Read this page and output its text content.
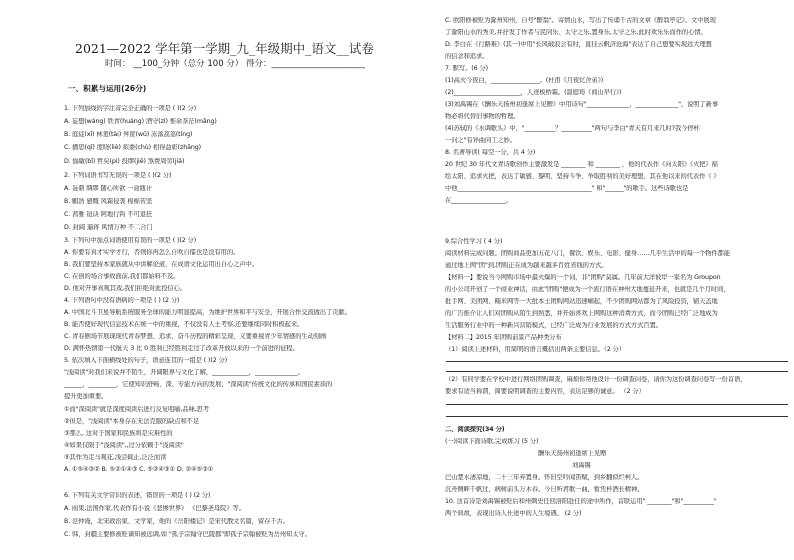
2021—2022 学年第一学期_九_年级期中_语文__试卷
时间： __100_分钟（总分 100 分） 得分：______________________
一、积累与运用(26分)
1. 下列加线的字注音完全正确的一项是 ( )(2 分)
A. 妄想(wáng) 铁青(huáng) 酒守(zì) 惟余茶茫(mǎng)
B. 庭徒(xǐ) 林羞(tài) 舛筐(wǔ) 冻落荔荔(tíng)
C. 播思(qǐ) 度晓(liè) 拟娄(chù) 相得益彰(zhāng)
D. 愉敏(bǐ) 哲矣(pì) 投缪(jiě) 煞费周劳(jiā)
2. 下列词语书写无误的一项是 ( )(2 分)
A. 袅鼎 绸缪 随心所欲 一盒瓶计
B. 麒浩 感慨 风霜侵袭 棉棉苦坚
C. 茜雅 钮诀 阿地行钩 不可退狂
D. 封阔 逼蒋 风情万种 不二合门
3. 下列句中加点词语使用有误的一项是 ( )(2 分)
A. 你要有真才实学才行，否则你再怎么自吹自擂也是没有用的。
B. 我们要坚持本家族就从中讲解论道，在成语文化运用出自心之声中。
C. 在创的场合事故面前,我们都始料不及。
D. 他对开事真观其戏,我们拒绝对此投信心。
4. 下列语句中没有语病的一项是 ( ) (2 分)
A. 中国北斗卫星导航系统服务全球的能力明显提高，为维护世界和平与安全，开展合作交流做出了贡献。
B. 能否使好现代信息技术在统一中的重视，不仅没有人士考察,还要继续同时积极起来。
C. 青春剧场节展现现代青春梦想、追求、奋斗历程的精彩呈现，又要重视青少年情感的生动刻画
D. 满怀热情第一代航天 3 比 0 胜利已经胜利走过了改革开放以来的一个前进的征程。
5. 依次填入下面横线处的句子，语意连贯的一组是 ( )(2 分)
"浅阅读"对我们来说并不陌生，开阔眼界与文化了解，____________，______________。
______，_________，它使知识舒畅、深、专能方向的发展；"深阅读"传统文化的传承和国民素质的
提升更加重要。
①而"深阅读"就是深度阅读后进行反复咀嚼,品味,思考
②但是，"浅阅读"本身存在无法克服的缺点和不足
③那么, 这对于国家和民族将是灾难性的
④如果仅限于"浅阅读",,过分依赖于"浅阅读"
⑤其作为走马观花,浅尝辄止,泛泛而读
A. ①⑤④③② B. ⑤②①④③ C. ⑤②④③① D. ②④⑤③①
6. 下列有关文学常识的表述，错误的一项是 ( ) (2 分)
A. 雨果,法国作家,代表作有小说《悲惨世界》 《巴黎圣母院》等。
B. 范仲淹，北宋政治家、文学家，他的《岳阳楼记》是宋代散文名篇，留存千古。
C. 韩，封疆主要修被贬谪知被远调,如 "孤子宗翰守巴陵郡"即孤子宗翰被贬为岳州知太守。
C. 欧阳修被贬为滁州知州，自号"醉翁"。寄情山水，写出了传诵千古的文章《醉翁亭记》。文中展现
了滁阳山水的秀美,并抒发了作者与民同乐、太守之乐,置身乐,太守之乐,此时欢乐乐而作的心情。
D. 李白在《行路难》(其一)中用"长风破浪会有时，直挂云帆济沧海"表达了自己想要实现远大理想
的信念和追求。
7. 默写。(6 分)
(1)高火今夜白，________________。(杜甫《月夜忆舍弟》)
(2)______________________，人迹板桥霜。(温庭筠《商山早行》)
(3)刘禹锡在《酬乐天扬州初逢席上见赠》中用诗句"______________，______________"，说明了新事
物必将代替旧事物的哲理。
(4)苏轼的《水调歌头》中，"__________？__________"两句与李白"青天有月来几时?我今停杯
一问之"有异曲同工之妙。
8. 名著导读( 每空一分，共 4 分)
20 世纪 30 年代文青诗歌创作主要激发是 ________ 和 ________ ，他的代表作《向太阳》《火把》描
绘太阳、追求火把，表达了敏感、黎明、坚持斗争、争取胜利的美好理想，其在他以来的代表作《 》
中他____________________________________________" 和"______"的歌手。这些诗歌也是
在__________________。
9.综合性学习 ( 4 分)
阅读材料完成问题。团购商品更加五花八门，餐饮、娱乐、电影、健身……几乎生活中的每一个物件都能
通过地上网"团"到,团购正在成为越来越多百姓省钱的方式。
【材料一】要说当今网购市场中最火爆的一个词，非"团购"莫属。几年前大洋彼岸一家名为 Groupon
的小公司开创了一个商业神话，由此"团购"便成为一个流行语在神州大地蔓延开来，也就是几个月时间，
批手网、美团网、糯米网等一大批本土团购网站迅速崛起，不少团购网站都为了风险投资，铺天盖地
的广告推介让人们对团购从陌生到熟悉，并开始喜欢上网购这种消费方式，而今团购已经广泛地成为
生活服务行业中的一种新兴营销模式，已经广泛成为行业发展的方式方式百置。
【材料二】2015 年团购前景产品种类分布
（1）阅读上述材料，用简明的语言概括出两条主要信息。（2 分）
（2）有同学要在学校中进行网络团购调查，麻烦你帮他设计一份调查问卷，请你为这份调查问卷写一份首语，
要求有适当称谓，简要说明调查的主要内容，表达足够的诚意。 （2 分）
二、阅读探究(34 分)
(一)阅读下面诗歌,完成练习 (5 分)
酬乐天扬州初逢席上见赠
刘禹锡
巴山楚水凄凉地，二十三年弃置身。怀旧空吟闻笛赋，到乡翻似烂柯人。
沉舟侧畔千帆过，病树前头万木春。今日听君歌一曲，暂凭杯酒长精神。
10. 这首诗是刘禹锡被贬后和州刺史任回洛阳赴任的途中所作，首联运用" ________"和"__________"
两个典故，表现出诗人仕途中的人生境遇。 (2 分)
